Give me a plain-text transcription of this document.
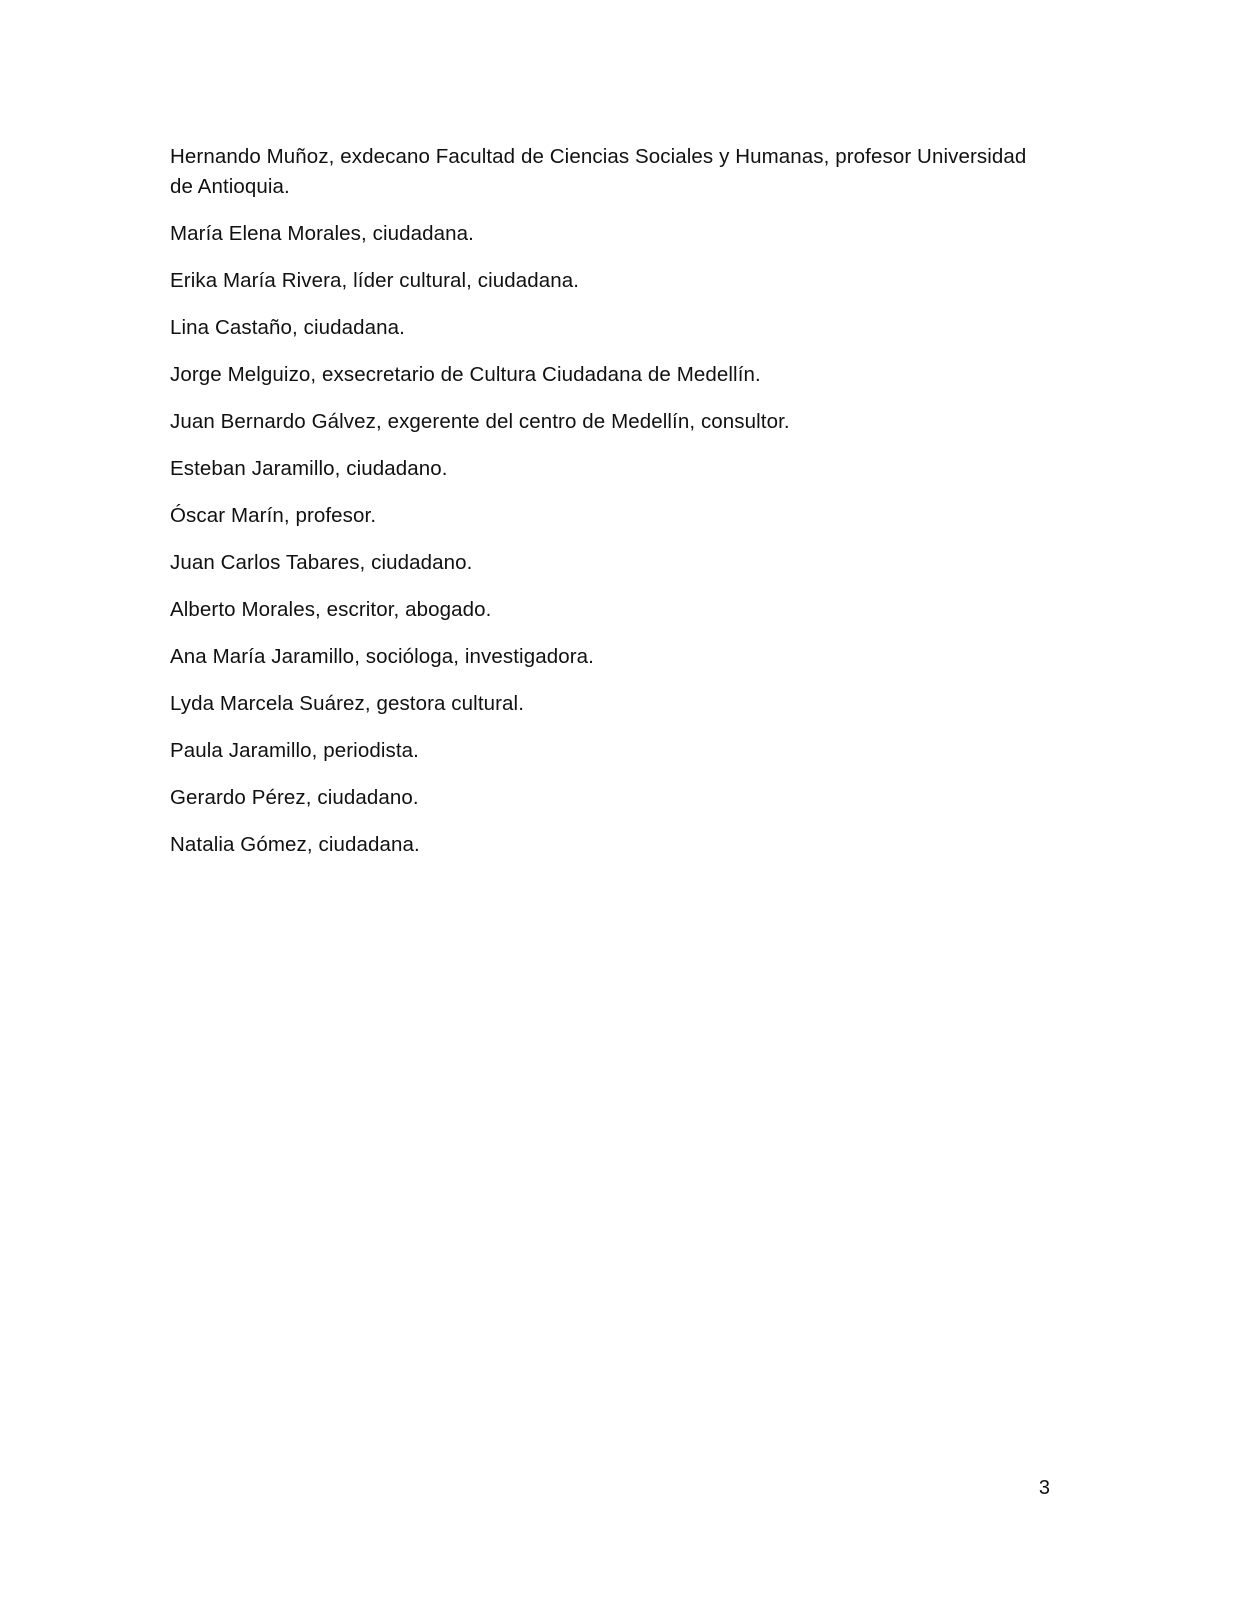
Hernando Muñoz, exdecano Facultad de Ciencias Sociales y Humanas, profesor Universidad de Antioquia.

María Elena Morales, ciudadana.

Erika María Rivera, líder cultural, ciudadana.

Lina Castaño, ciudadana.

Jorge Melguizo, exsecretario de Cultura Ciudadana de Medellín.

Juan Bernardo Gálvez, exgerente del centro de Medellín, consultor.

Esteban Jaramillo, ciudadano.

Óscar Marín, profesor.

Juan Carlos Tabares, ciudadano.

Alberto Morales, escritor, abogado.

Ana María Jaramillo, socióloga, investigadora.

Lyda Marcela Suárez, gestora cultural.

Paula Jaramillo, periodista.

Gerardo Pérez, ciudadano.

Natalia Gómez, ciudadana.

3
